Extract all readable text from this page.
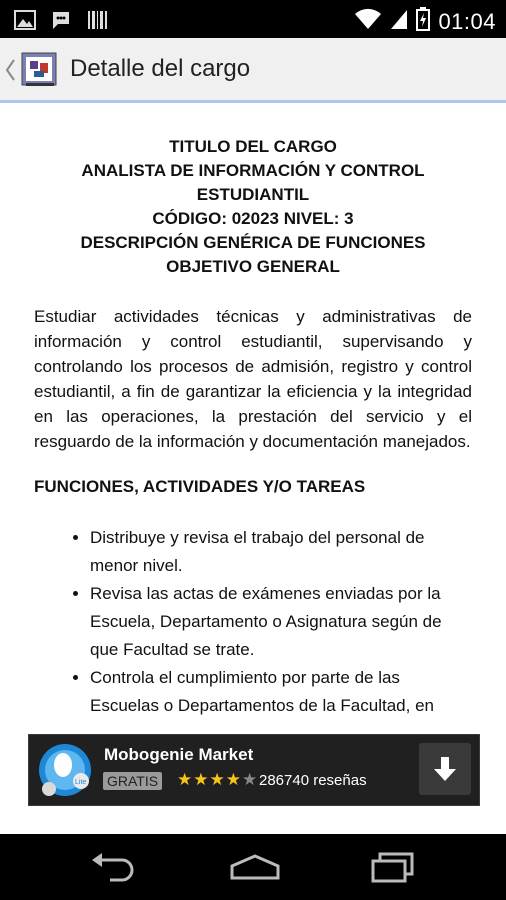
01:04
Detalle del cargo
TITULO DEL CARGO
ANALISTA DE INFORMACIÓN Y CONTROL
ESTUDIANTIL
CÓDIGO: 02023 NIVEL: 3
DESCRIPCIÓN GENÉRICA DE FUNCIONES
OBJETIVO GENERAL
Estudiar actividades técnicas y administrativas de información y control estudiantil, supervisando y controlando los procesos de admisión, registro y control estudiantil, a fin de garantizar la eficiencia y la integridad en las operaciones, la prestación del servicio y el resguardo de la información y documentación manejados.
FUNCIONES, ACTIVIDADES Y/O TAREAS
• Distribuye y revisa el trabajo del personal de menor nivel.
• Revisa las actas de exámenes enviadas por la Escuela, Departamento o Asignatura según de que Facultad se trate.
• Controla el cumplimiento por parte de las Escuelas o Departamentos de la Facultad, en
Lite
Mobogenie Market
GRATIS ★★★★★ 286740 reseñas
